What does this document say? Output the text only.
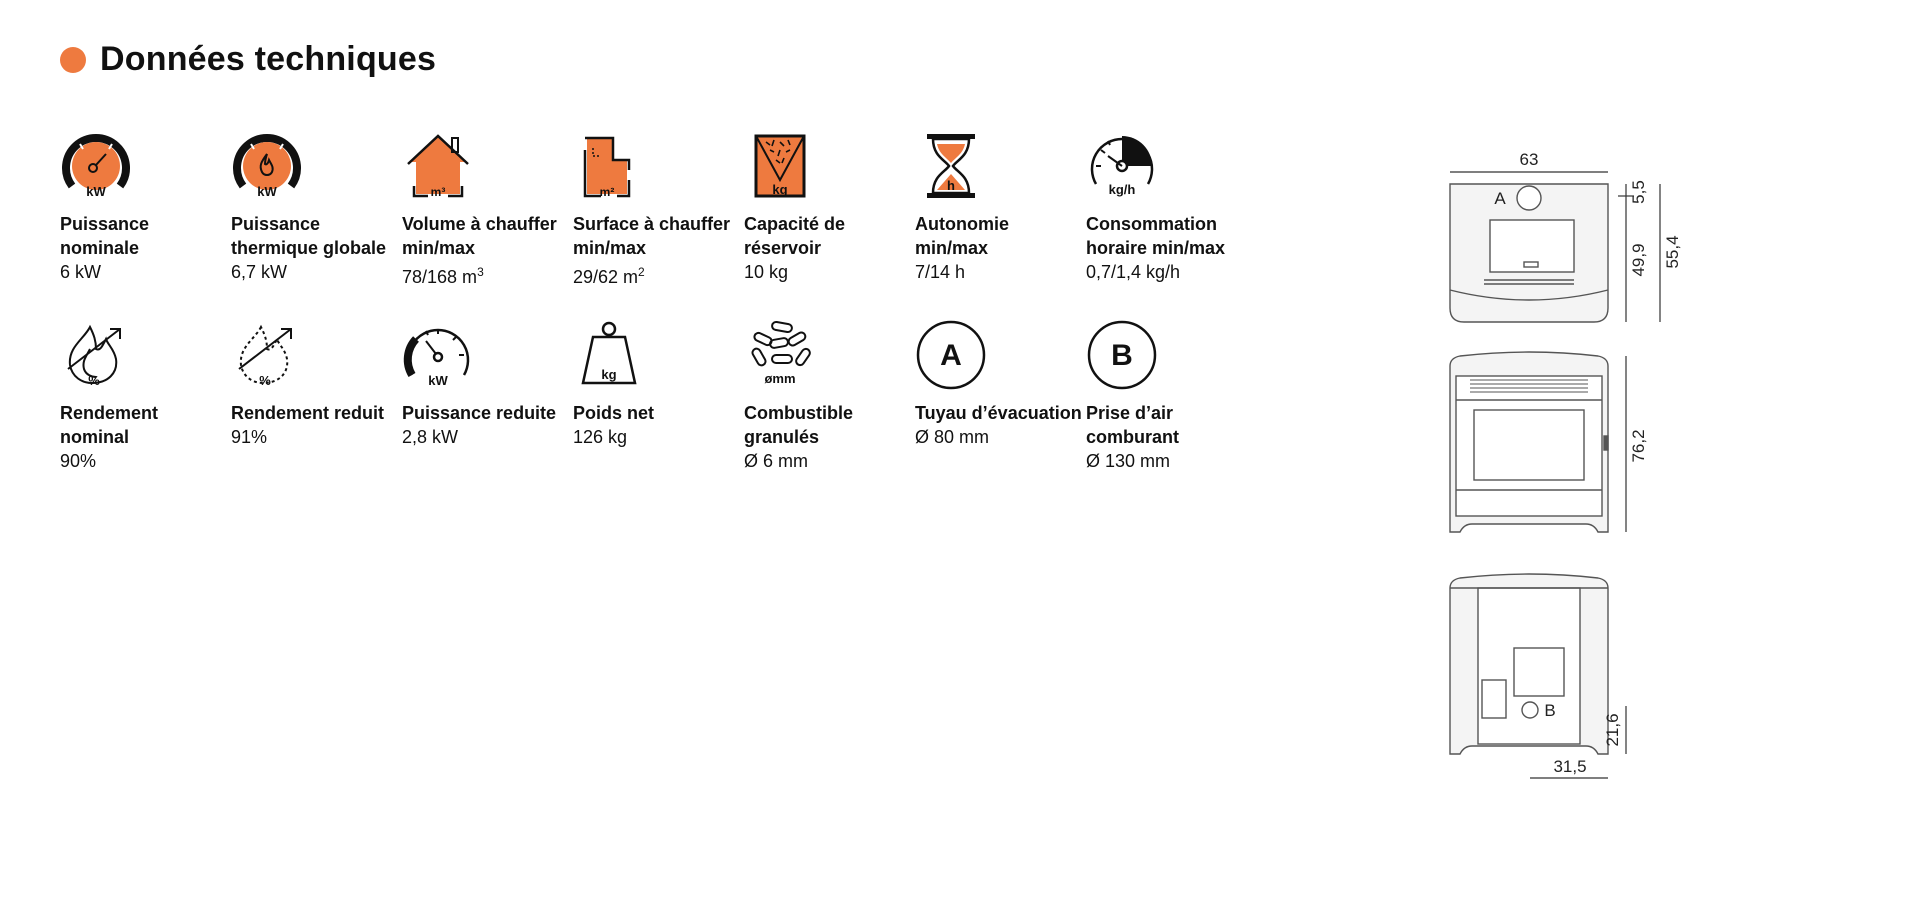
Données techniques
kW
Puissance nominale
6 kW
kW
Puissance thermique globale
6,7 kW
m³
Volume à chauffer min/max
78/168 $m^3$
m²
Surface à chauffer min/max
29/62 $m^2$
kg
Capacité de réservoir
10 kg
h
Autonomie min/max
7/14 h
kg/h
Consommation horaire min/max
0,7/1,4 kg/h
%
Rendement nominal
90%
%
Rendement reduit
91%
kW
Puissance reduite
2,8 kW
kg
Poids net
126 kg
ømm
Combustible granulés
Ø 6 mm
A
Tuyau d’évacuation
Ø 80 mm
B
Prise d’air comburant
Ø 130 mm
63
5,5
49,9 55,4
A
76,2
21,6
31,5
B
